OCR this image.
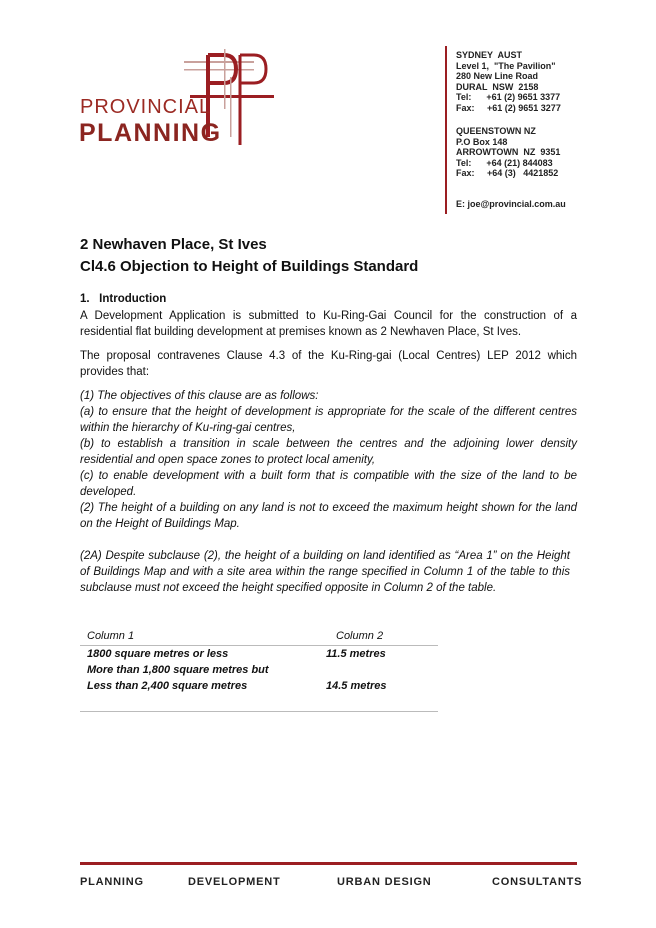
PROVINCIAL
PLANNING
SYDNEY  AUST
Level 1,  "The Pavilion"
280 New Line Road
DURAL  NSW  2158
Tel:      +61 (2) 9651 3377
Fax:     +61 (2) 9651 3277
QUEENSTOWN NZ
P.O Box 148
ARROWTOWN  NZ  9351
Tel:      +64 (21) 844083
Fax:     +64 (3)   4421852
E: joe@provincial.com.au
2 Newhaven Place, St Ives
Cl4.6 Objection to Height of Buildings Standard
1.   Introduction
A Development Application is submitted to Ku-Ring-Gai Council for the construction of a residential flat building development at premises known as 2 Newhaven Place, St Ives.
The proposal contravenes Clause 4.3 of the Ku-Ring-gai (Local Centres) LEP 2012 which provides that:
(1) The objectives of this clause are as follows:
(a) to ensure that the height of development is appropriate for the scale of the different centres within the hierarchy of Ku-ring-gai centres,
(b) to establish a transition in scale between the centres and the adjoining lower density residential and open space zones to protect local amenity,
(c) to enable development with a built form that is compatible with the size of the land to be developed.
(2) The height of a building on any land is not to exceed the maximum height shown for the land on the Height of Buildings Map.
(2A) Despite subclause (2), the height of a building on land identified as “Area 1” on the Height of Buildings Map and with a site area within the range specified in Column 1 of the table to this subclause must not exceed the height specified opposite in Column 2 of the table.
Column 1	Column 2
1800 square metres or less	11.5 metres
More than 1,800 square metres but
Less than 2,400 square metres	14.5 metres
PLANNING	DEVELOPMENT	URBAN DESIGN	CONSULTANTS
